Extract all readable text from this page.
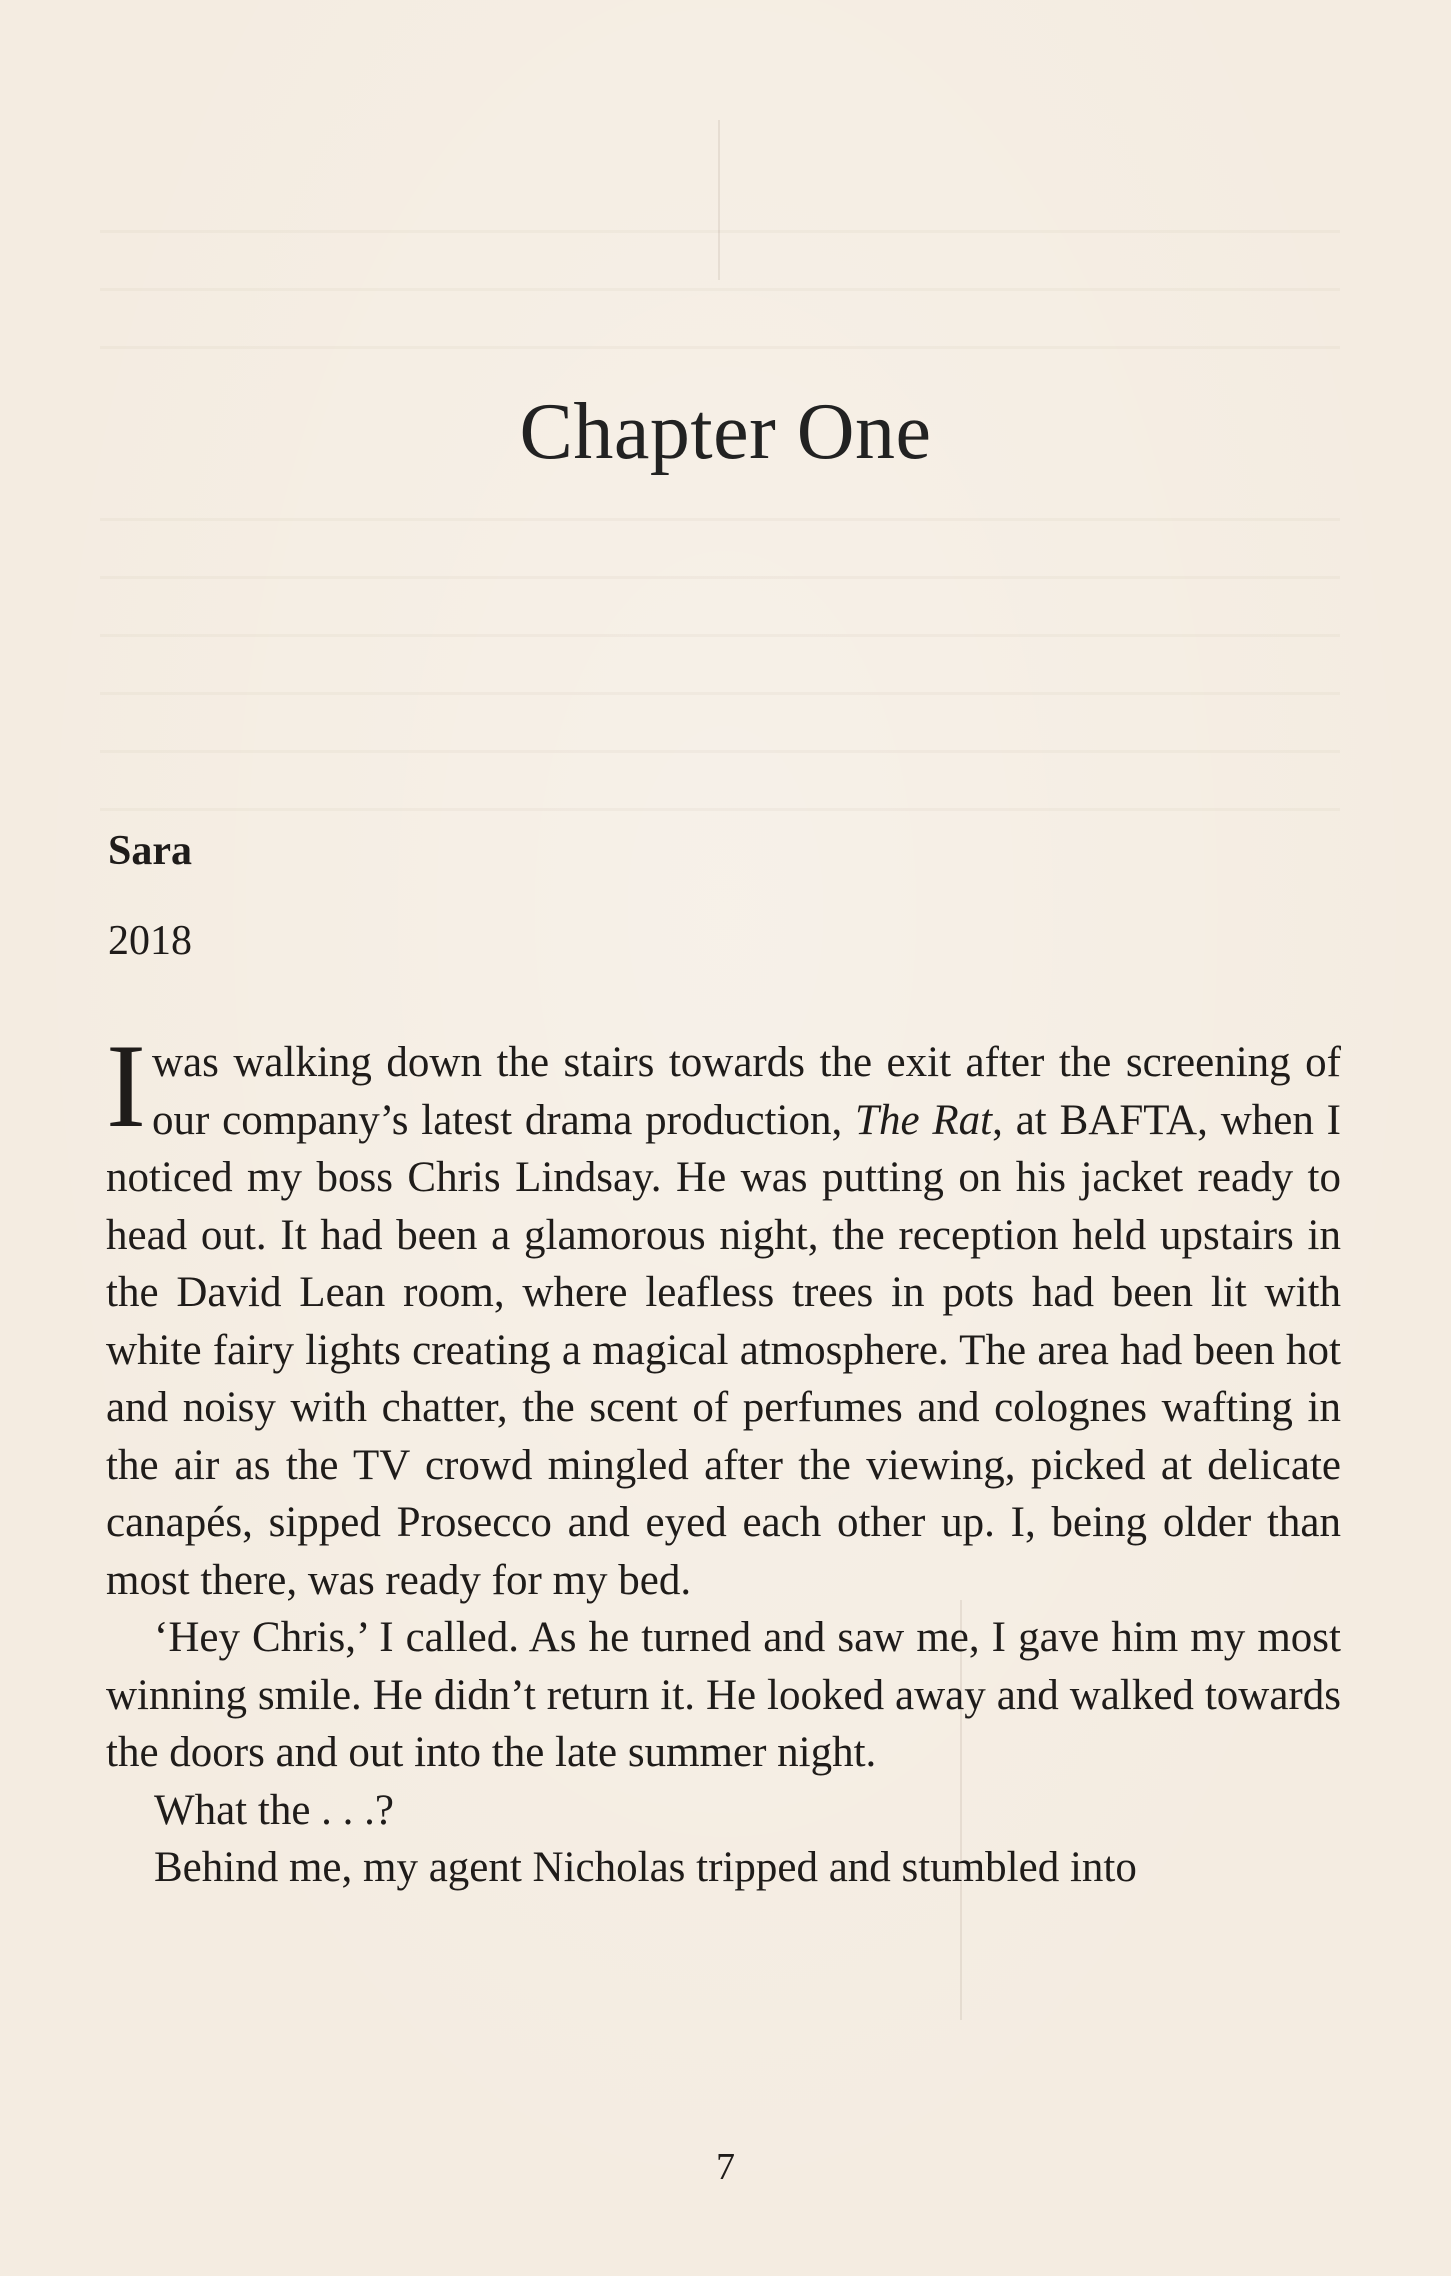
Chapter One
Sara
2018

Iwas walking down the stairs towards the exit after the screening of our company’s latest drama production, The Rat, at BAFTA, when I noticed my boss Chris Lindsay. He was putting on his jacket ready to head out. It had been a glamorous night, the reception held upstairs in the David Lean room, where leafless trees in pots had been lit with white fairy lights creating a magical atmosphere. The area had been hot and noisy with chatter, the scent of perfumes and colognes wafting in the air as the TV crowd mingled after the viewing, picked at delicate canapés, sipped Prosecco and eyed each other up. I, being older than most there, was ready for my bed.

‘Hey Chris,’ I called. As he turned and saw me, I gave him my most winning smile. He didn’t return it. He looked away and walked towards the doors and out into the late summer night.

What the . . .?

Behind me, my agent Nicholas tripped and stumbled into

7
